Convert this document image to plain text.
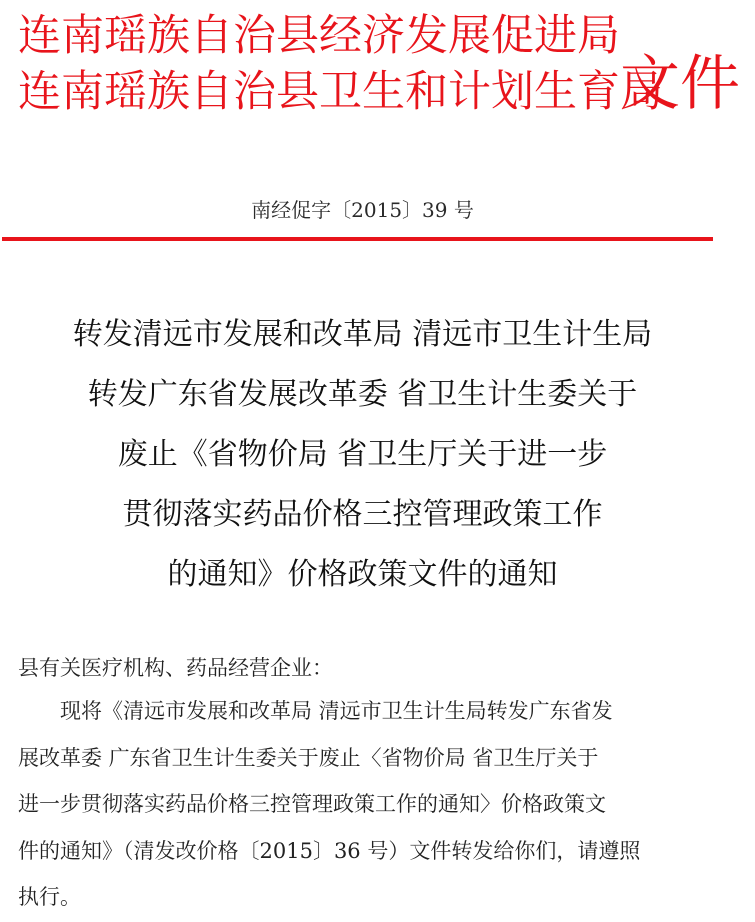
连南瑶族自治县经济发展促进局
连南瑶族自治县卫生和计划生育局
文件
南经促字〔2015〕39 号
转发清远市发展和改革局 清远市卫生计生局
转发广东省发展改革委 省卫生计生委关于
废止《省物价局 省卫生厅关于进一步
贯彻落实药品价格三控管理政策工作
的通知》价格政策文件的通知
县有关医疗机构、药品经营企业：
现将《清远市发展和改革局 清远市卫生计生局转发广东省发
展改革委 广东省卫生计生委关于废止〈省物价局 省卫生厅关于
进一步贯彻落实药品价格三控管理政策工作的通知〉价格政策文
件的通知》（清发改价格〔2015〕36 号）文件转发给你们，请遵照
执行。
